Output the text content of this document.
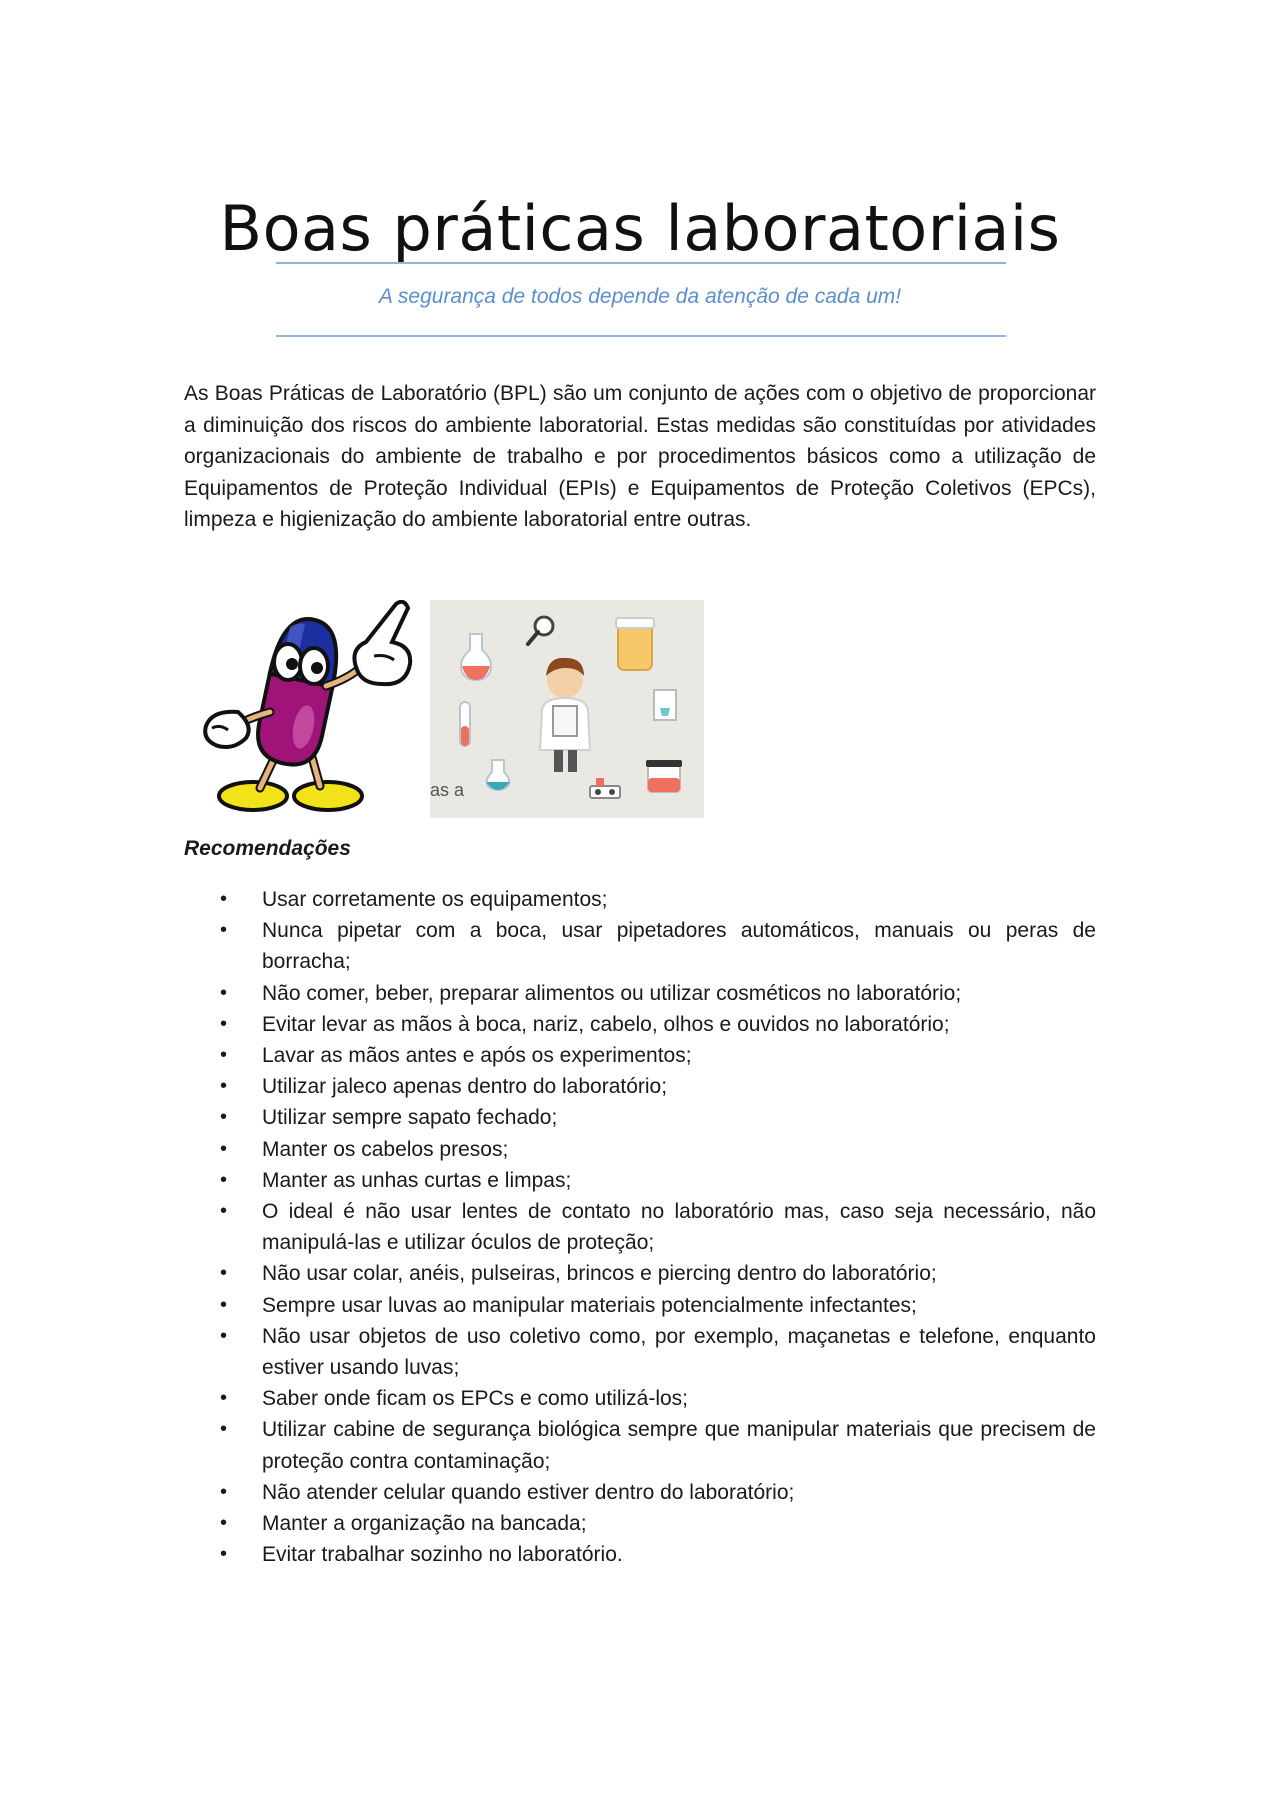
Boas práticas laboratoriais
A segurança de todos depende da atenção de cada um!

As Boas Práticas de Laboratório (BPL) são um conjunto de ações com o objetivo de proporcionar a diminuição dos riscos do ambiente laboratorial. Estas medidas são constituídas por atividades organizacionais do ambiente de trabalho e por procedimentos básicos como a utilização de Equipamentos de Proteção Individual (EPIs) e Equipamentos de Proteção Coletivos (EPCs), limpeza e higienização do ambiente laboratorial entre outras.

as a
Recomendações
• Usar corretamente os equipamentos;
• Nunca pipetar com a boca, usar pipetadores automáticos, manuais ou peras de borracha;
• Não comer, beber, preparar alimentos ou utilizar cosméticos no laboratório;
• Evitar levar as mãos à boca, nariz, cabelo, olhos e ouvidos no laboratório;
• Lavar as mãos antes e após os experimentos;
• Utilizar jaleco apenas dentro do laboratório;
• Utilizar sempre sapato fechado;
• Manter os cabelos presos;
• Manter as unhas curtas e limpas;
• O ideal é não usar lentes de contato no laboratório mas, caso seja necessário, não manipulá-las e utilizar óculos de proteção;
• Não usar colar, anéis, pulseiras, brincos e piercing dentro do laboratório;
• Sempre usar luvas ao manipular materiais potencialmente infectantes;
• Não usar objetos de uso coletivo como, por exemplo, maçanetas e telefone, enquanto estiver usando luvas;
• Saber onde ficam os EPCs e como utilizá-los;
• Utilizar cabine de segurança biológica sempre que manipular materiais que precisem de proteção contra contaminação;
• Não atender celular quando estiver dentro do laboratório;
• Manter a organização na bancada;
• Evitar trabalhar sozinho no laboratório.
